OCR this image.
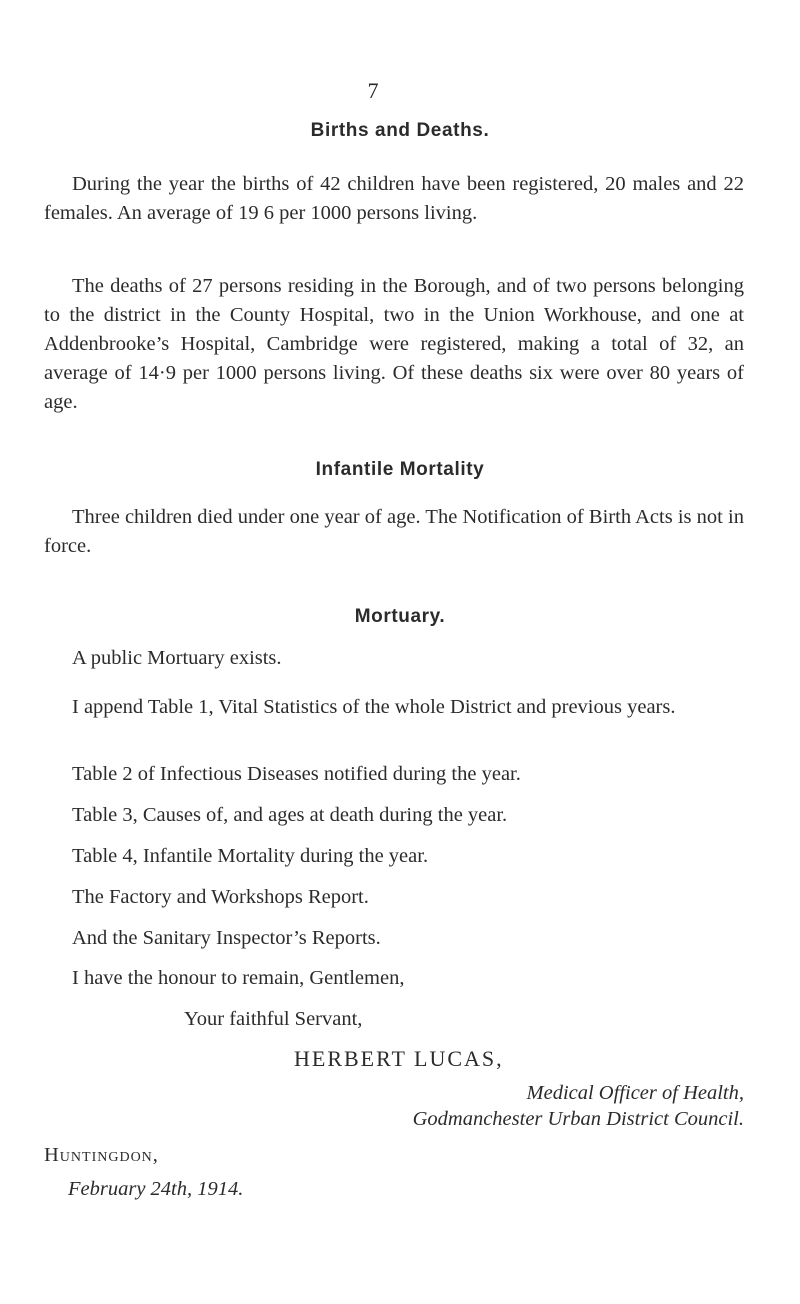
7
Births and Deaths.
During the year the births of 42 children have been registered, 20 males and 22 females. An average of 19 6 per 1000 persons living.
The deaths of 27 persons residing in the Borough, and of two persons belonging to the district in the County Hospital, two in the Union Workhouse, and one at Addenbrooke’s Hospital, Cambridge were registered, making a total of 32, an average of 14·9 per 1000 persons living. Of these deaths six were over 80 years of age.
Infantile Mortality
Three children died under one year of age. The Notification of Birth Acts is not in force.
Mortuary.
A public Mortuary exists.
I append Table 1, Vital Statistics of the whole District and previous years.
Table 2 of Infectious Diseases notified during the year.
Table 3, Causes of, and ages at death during the year.
Table 4, Infantile Mortality during the year.
The Factory and Workshops Report.
And the Sanitary Inspector’s Reports.
I have the honour to remain, Gentlemen,
HERBERT LUCAS,
Medical Officer of Health,
Godmanchester Urban District Council.
Huntingdon,
February 24th, 1914.
Your faithful Servant,
